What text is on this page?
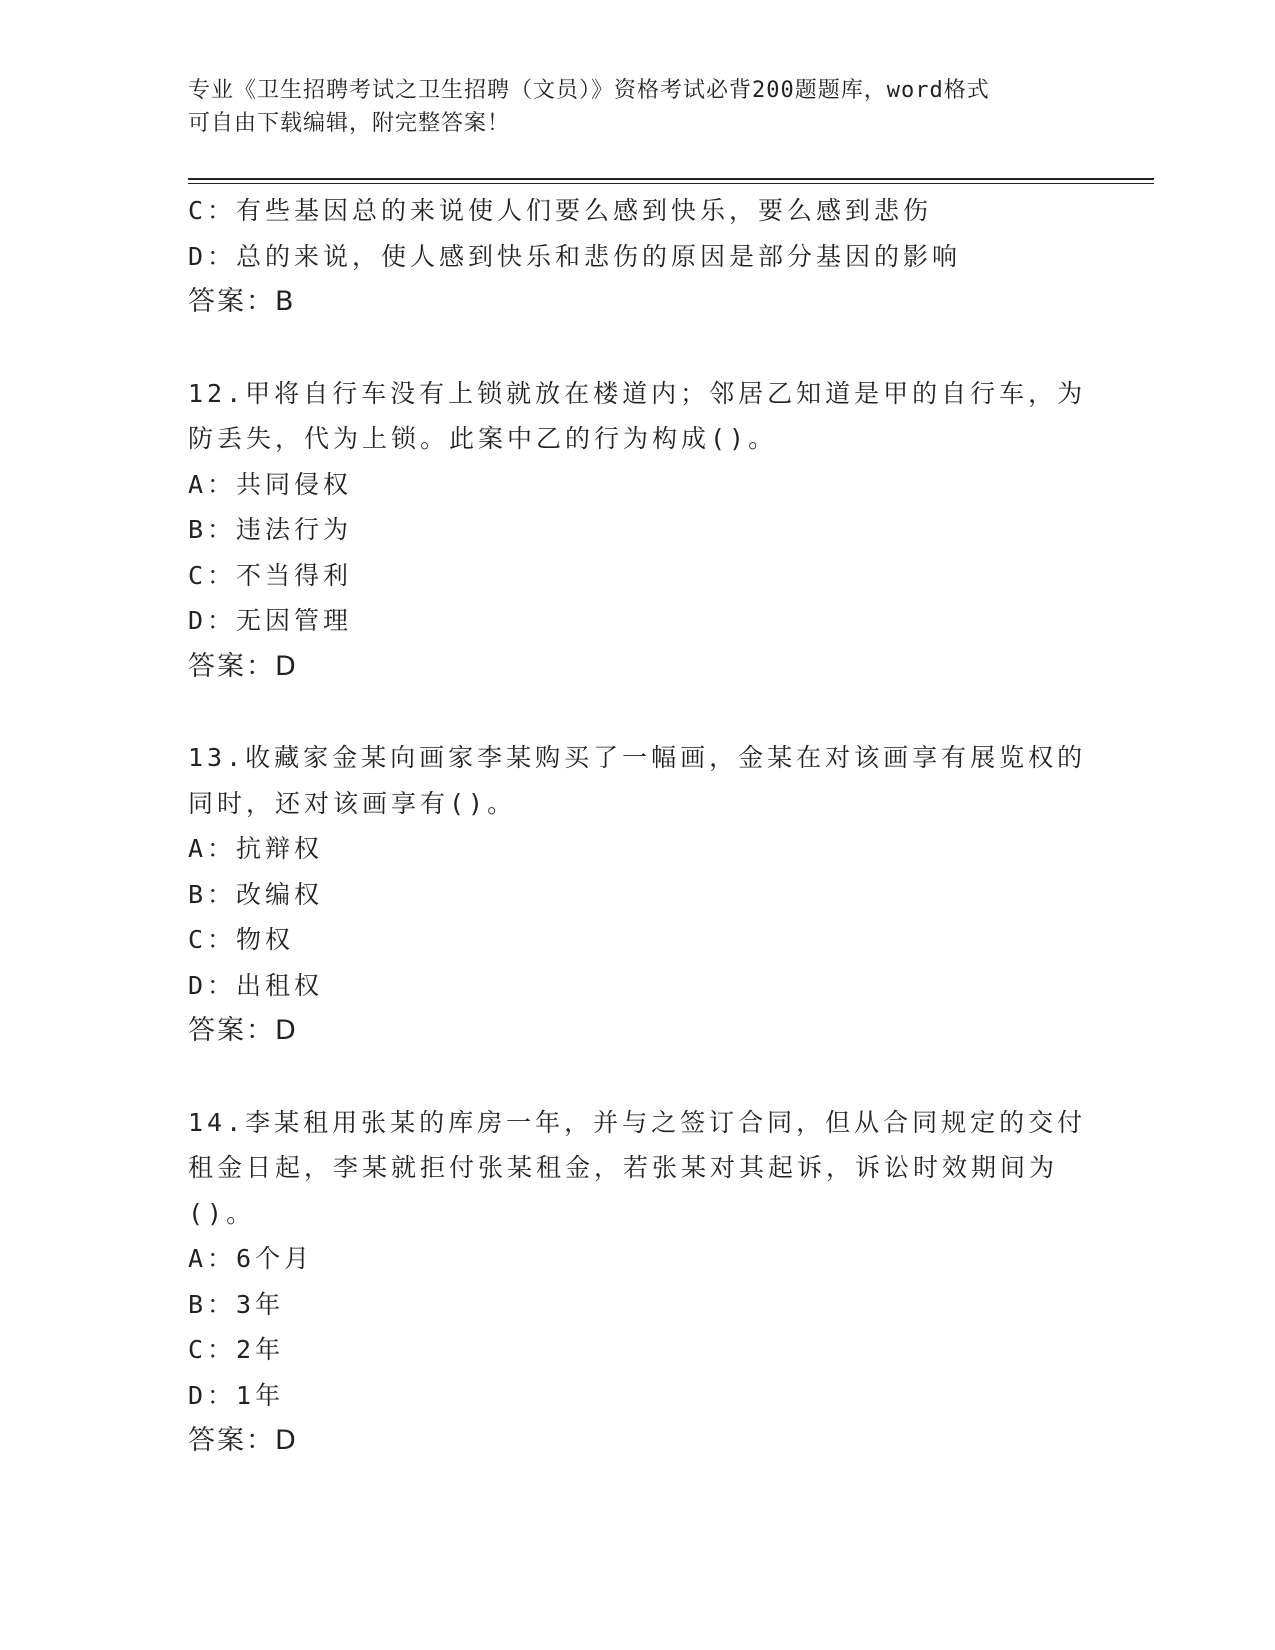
专业《卫生招聘考试之卫生招聘（文员）》资格考试必背200题题库，word格式
可自由下载编辑，附完整答案！
C：有些基因总的来说使人们要么感到快乐，要么感到悲伤
D：总的来说，使人感到快乐和悲伤的原因是部分基因的影响
答案：B
12.甲将自行车没有上锁就放在楼道内；邻居乙知道是甲的自行车，为
防丢失，代为上锁。此案中乙的行为构成()。
A：共同侵权
B：违法行为
C：不当得利
D：无因管理
答案：D
13.收藏家金某向画家李某购买了一幅画，金某在对该画享有展览权的
同时，还对该画享有()。
A：抗辩权
B：改编权
C：物权
D：出租权
答案：D
14.李某租用张某的库房一年，并与之签订合同，但从合同规定的交付
租金日起，李某就拒付张某租金，若张某对其起诉，诉讼时效期间为
()。
A：6个月
B：3年
C：2年
D：1年
答案：D
